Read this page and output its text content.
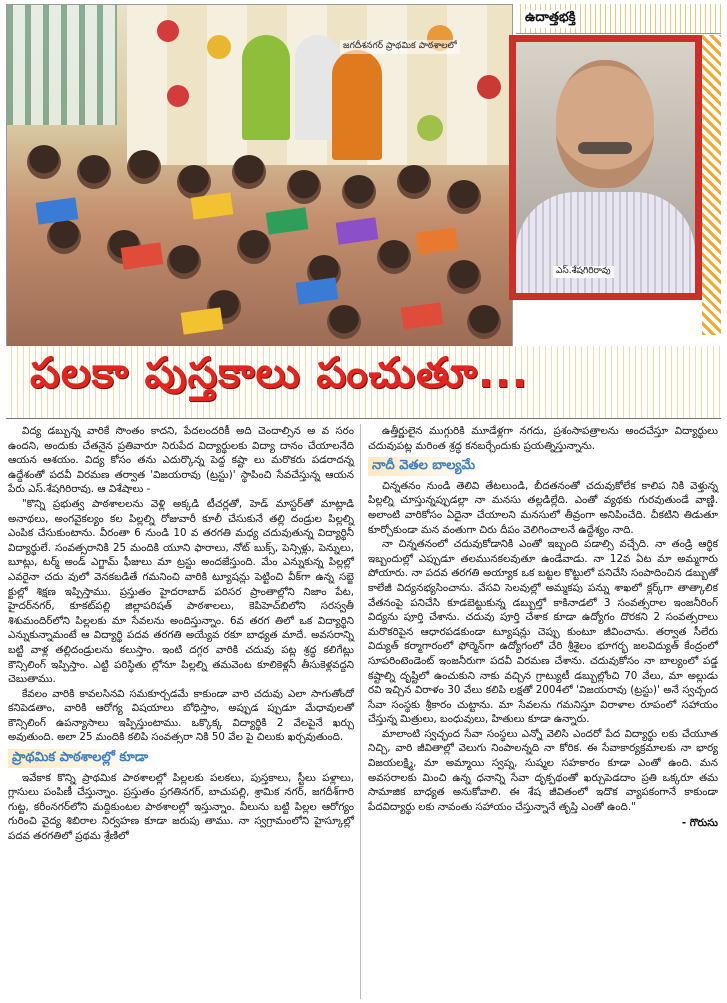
జగదీశనగర్ ప్రాథమిక పాఠశాలలో
ఉదాత్తభక్తి
ఎస్.శేషగిరిరావు
పలకా పుస్తకాలు పంచుతూ...

విద్య డబ్బున్న వారికే సొంతం కాదని, పేదలందరికీ అది చెందాల్సిన అ వ సరం ఉందని, అందుకు చేతనైన ప్రతివారూ నిరుపేద విద్యార్థులకు విద్యా దానం చేయాలనేది ఆయన ఆశయం. విద్య కోసం తను ఎదుర్కొన్న పెద్ద కష్టా లు మరొకరు పడరాదన్న ఉద్దేశంతో పదవీ విరమణ తర్వాత 'విజయరావు (ట్రస్టు)' స్థాపించి సేవచేస్తున్న ఆయన పేరు ఎస్.శేషగిరిరావు. ఆ విశేషాలు -

"కొన్ని ప్రభుత్వ పాఠశాలలను వెళ్లి అక్కడి టీచర్లతో, హెడ్ మాస్టర్‌తో మాట్లాడి అనాథలు, అంగవైకల్యం కల పిల్లల్ని రోజువారీ కూలీ చేసుకునే తల్లి దండ్రుల పిల్లల్ని ఎంపిక చేసుకుంటాను. వీరంతా 6 నుండి 10 వ తరగతి మధ్య చదువుతున్న విద్యార్థినీ విద్యార్థులే. సంవత్సరానికి 25 మందికి యూని ఫారాలు, నోట్ బుక్స్, పెన్సిళ్లు, పెన్నులు, బూట్లు, టర్మ్ అండ్ ఎగ్జామ్ ఫీజులు మా ట్రస్టు అందజేస్తుంది. మేం ఎన్నుకున్న పిల్లల్లో ఎవరైనా చదు వులో వెనకబడితే గమనించి వారికి ట్యూషన్లు పెట్టించి వీక్‌గా ఉన్న సబ్జె క్టుల్లో శిక్షణ ఇప్పిస్తాము. ప్రస్తుతం హైదరాబాద్ పరిసర ప్రాంతాల్లోని నిజాం పేట, హైదర్‌నగర్, కూకట్‌పల్లి జిల్లాపరిషత్ పాఠశాలలు, కెపిహెచ్‌బిలోని సరస్వతీ శిశుమందిర్‌లోని పిల్లలకు మా సేవలను అందిస్తున్నాం. 6వ తరగ తిలో ఒక విద్యార్థిని ఎన్నుకున్నామంటే ఆ విద్యార్థి పదవ తరగతి అయ్యేవ రకూ బాధ్యత మాదే. అవసరాన్ని బట్టి వాళ్ల తల్లిదండ్రులను కలుస్తాం. ఇంటి దగ్గర వారికి చదువు పట్ల శ్రద్ధ కలిగేట్లు కౌన్సిలింగ్ ఇప్పిస్తాం. ఎట్టి పరిస్థితు ల్లోనూ పిల్లల్ని తమవెంట కూలికెళ్లనీ తీసుకెళ్లవద్దని చెబుతాము.

కేవలం వారికి కావలసినవి సమకూర్చడమే కాకుండా వారి చదువు ఎలా సాగుతోందో కనిపెడతాం, వారికి ఆరోగ్య విషయాలు బోధిస్తాం, అప్పుడ ప్పుడూ మేధావులతో కౌన్సిలింగ్ ఉపన్యాసాలు ఇప్పిస్తుంటాము. ఒక్కొక్క విద్యార్థికి 2 వేలపైనే ఖర్చు అవుతుంది. అలా 25 మందికి కలిపి సంవత్సరా నికి 50 వేల పై చిలుకు ఖర్చవుతుంది.

ప్రాథమిక పాఠశాలల్లో కూడా

ఇవేకాక కొన్ని ప్రాథమిక పాఠశాలల్లో పిల్లలకు పలకలు, పుస్తకాలు, స్టీలు పళ్లాలు, గ్లాసులు పంపిణీ చేస్తున్నాం. ప్రస్తుతం ప్రగతినగర్, బాచుపల్లి, శ్రామిక నగర్, జగదీశ్‌గారి గుట్ట, కరీంనగర్‌లోని మద్దికుంటల పాఠశాలల్లో ఇస్తున్నాం. వీలును బట్టి పిల్లల ఆరోగ్యం గురించి వైద్య శిబిరాల నిర్వహణ కూడా జరుపు తాము. నా స్వగ్రామంలోని హైస్కూల్లో పదవ తరగతిలో ప్రథమ శ్రేణిలో

ఉత్తీర్ణులైన ముగ్గురికి మూడేళ్లగా నగదు, ప్రశంసాపత్రాలను అందచేస్తూ విద్యార్థులు చదువుపట్ల మరింత శ్రద్ధ కనబర్చేందుకు ప్రయత్నిస్తున్నాను.

నాదీ వెతల బాల్యమే

చిన్నతనం నుండి తెలివి తేటలుండి, బీదతనంతో చదువుకోలేక కాలిప నికి వెళ్తున్న పిల్లల్ని చూస్తున్నప్పుడల్లా నా మనసు తల్లడిల్లేది. ఎంతో వ్యథకు గురవుతుండే వాణ్ణి. అలాంటి వారికోసం ఏదైనా చేయాలని మనసులో తీవ్రంగా అనిపించేది. చీకటిని తిడుతూ కూర్చోకుండా మన వంతుగా చిరు దీపం వెలిగించాలనే ఉద్దేశ్యం నాది.

నా చిన్నతనంలో చదువుకోడానికి ఎంతో ఇబ్బంది పడాల్సి వచ్చేది. నా తండ్రి ఆర్థిక ఇబ్బందుల్లో ఎప్పుడూ తలమునకలవుతూ ఉండేవాడు. నా 12వ ఏట మా అమ్మగారు పోయారు. నా పదవ తరగతి అయ్యాక ఒక బట్టల కొట్టులో పనిచేసి సంపాదించిన డబ్బుతో కాలేజీ విద్యనభ్యసించాను. వేసవి సెలవుల్లో అమ్మకపు పన్ను శాఖలో క్లర్క్‌గా తాత్కాలిక వేతనంపై పనిచేసి కూడబెట్టుకున్న డబ్బుల్తో కాకినాడలో 3 సంవత్సరాల ఇంజనీరింగ్ విద్యను పూర్తి చేశాను. చదువు పూర్తి చేశాక కూడా ఉద్యోగం దొరకని 2 సంవత్సరాలు మరొకరిపైన ఆధారపడకుండా ట్యూషన్లు చెప్పు కుంటూ జీవించాను. తర్వాత సీలేరు విద్యుత్ కర్మాగారంలో ఫోర్మెన్‌గా ఉద్యోగంలో చేరి శ్రీశైలం భూగర్భ జలవిద్యుత్ కేంద్రంలో సూపరింటెండెంట్ ఇంజనీరుగా పదవీ విరమణ చేశాను. చదువుకోసం నా బాల్యంలో పడ్డ కష్టాల్ని దృష్టిలో ఉంచుకుని నాకు వచ్చిన గ్రాట్యుటీ డబ్బుల్లోంచి 70 వేలు, మా అల్లుడు రవి ఇచ్చిన విరాళం 30 వేలు కలిపి లక్షతో 2004లో 'విజయరావు (ట్రస్టు)' అనే స్వచ్ఛంద సేవా సంస్థకు శ్రీకారం చుట్టాను. మా సేవలను గమనిస్తూ విరాళాల రూపంలో సహాయం చేస్తున్న మిత్రులు, బంధువులు, హితులు కూడా ఉన్నారు.

మాలాంటి స్వచ్ఛంద సేవా సంస్థలు ఎన్నో వెలిసి ఎందరో పేద విద్యార్థు లకు చేయూత నిచ్చి, వారి జీవితాల్లో వెలుగు నింపాలన్నది నా కోరిక. ఈ సేవాకార్యక్రమాలకు నా భార్య విజయలక్ష్మి, మా అమ్మాయి స్వప్న, సుష్మల సహకారం కూడా ఎంతో ఉంది. మన అవసరాలకు మించి ఉన్న ధనాన్ని సేవా దృక్పథంతో ఖర్చుపెడదాం ప్రతి ఒక్కరూ తమ సామాజిక బాధ్యత అనుకోవాలి. ఈ శేష జీవితంలో ఇదొక వ్యాపకంగానే కాకుండా పేదవిద్యార్థు లకు నావంతు సహాయం చేస్తున్నానే తృప్తి ఎంతో ఉంది."

- గొరుసు
